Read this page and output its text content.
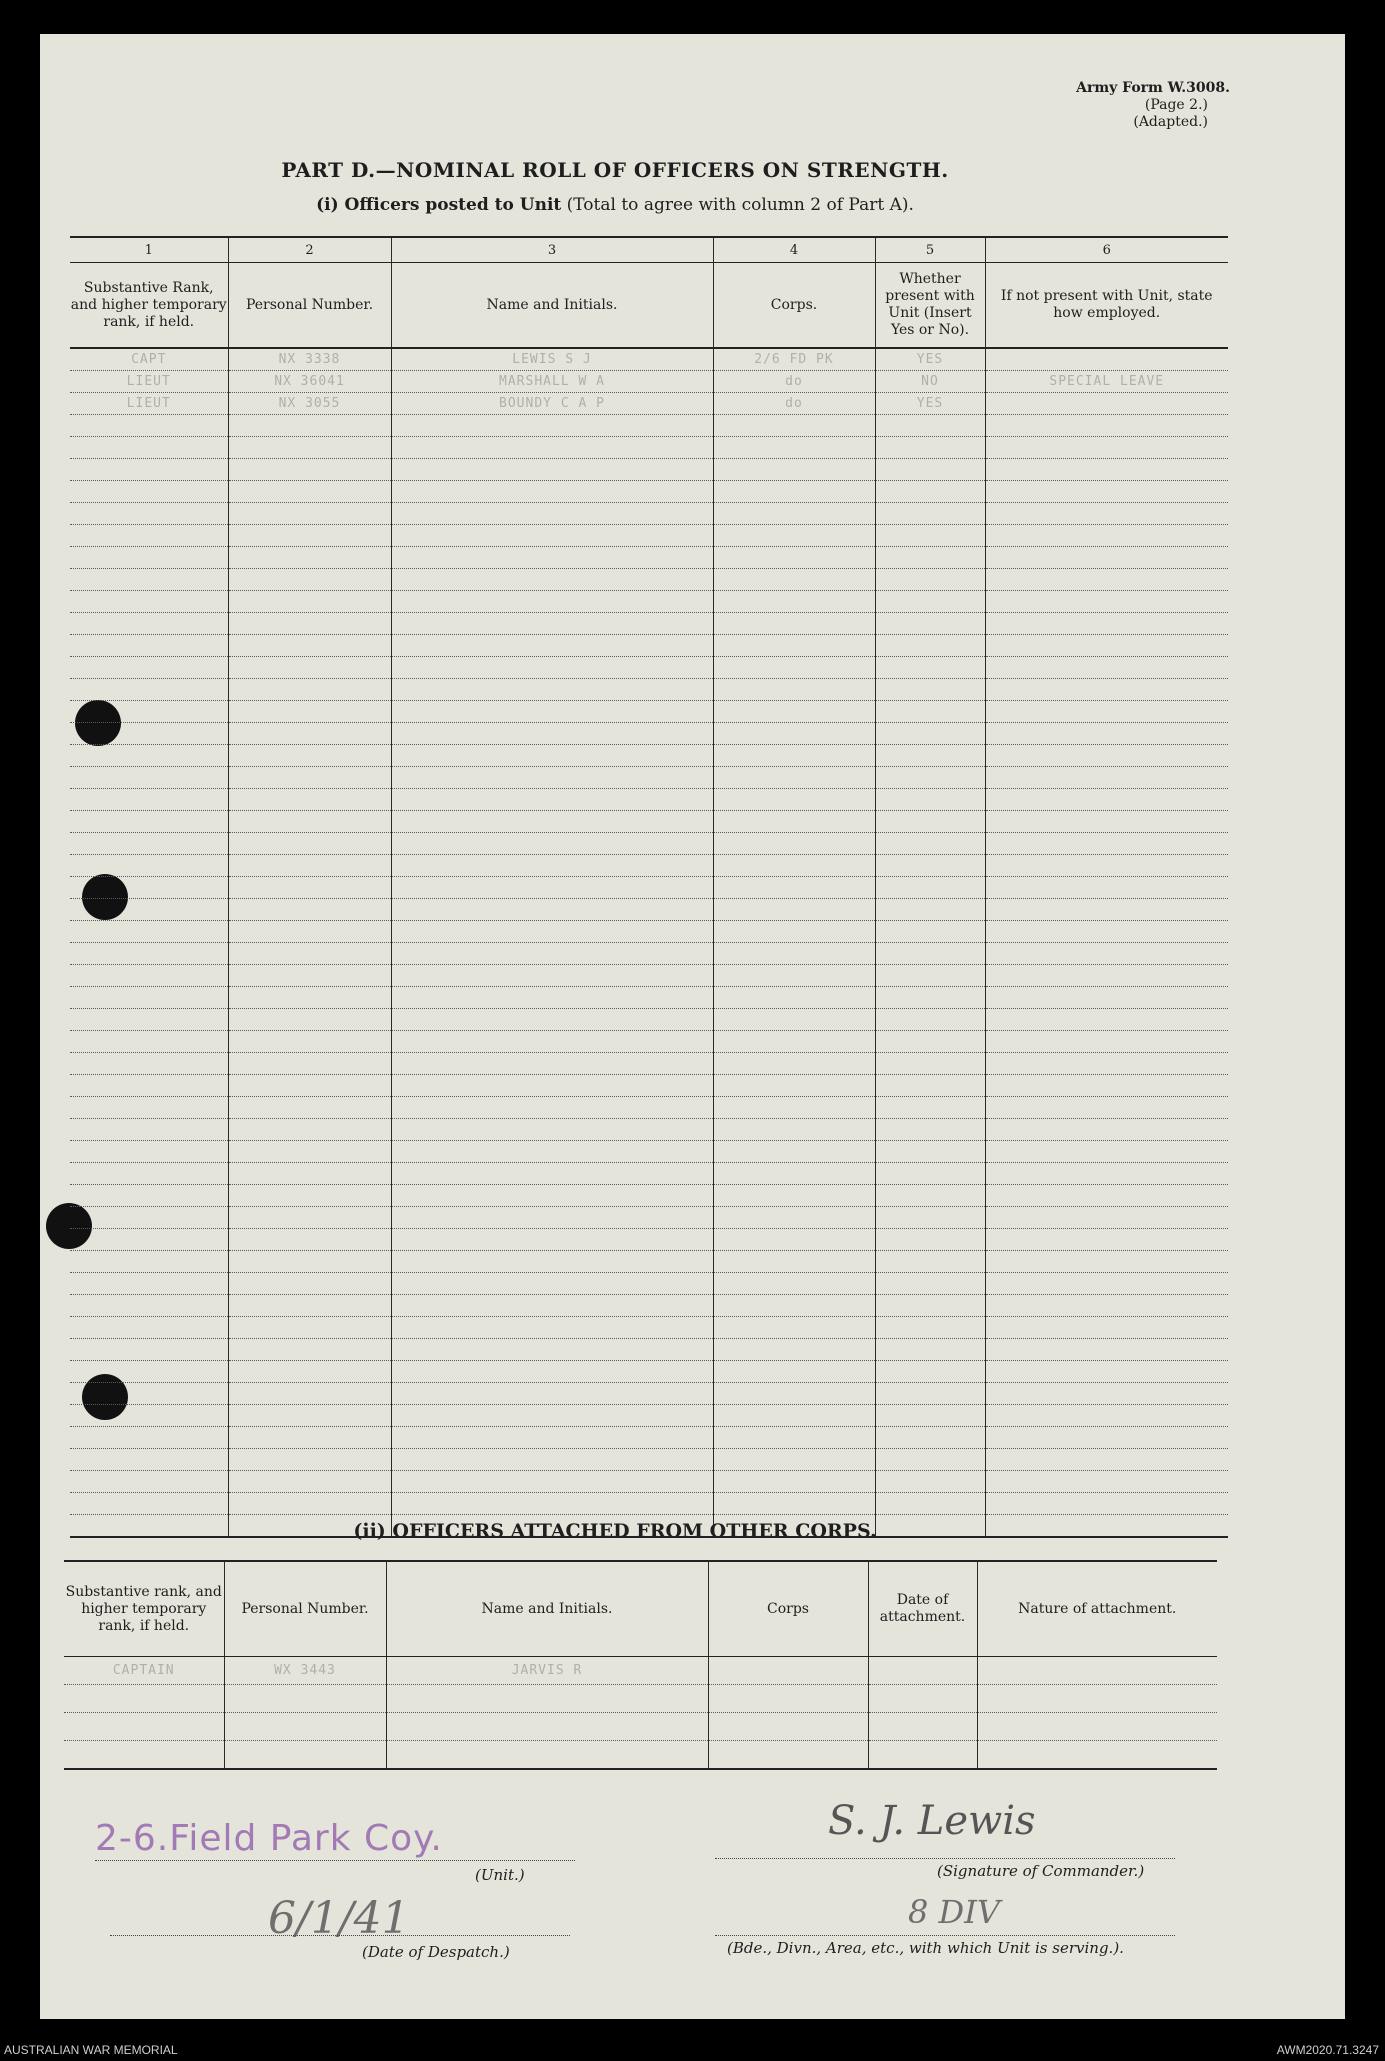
Army Form W.3008.
(Page 2.)
(Adapted.)
PART D.—NOMINAL ROLL OF OFFICERS ON STRENGTH.
(i) Officers posted to Unit (Total to agree with column 2 of Part A).
1	2	3	4	5	6
Substantive Rank, and higher temporary rank, if held.	Personal Number.	Name and Initials.	Corps.	Whether present with Unit (Insert Yes or No).	If not present with Unit, state how employed.
CAPT	NX 3338	LEWIS S J	2/6 FD PK	YES	
LIEUT	NX 36041	MARSHALL W A	do	NO	SPECIAL LEAVE
LIEUT	NX 3055	BOUNDY C A P	do	YES	

(ii) OFFICERS ATTACHED FROM OTHER CORPS.
Substantive rank, and higher temporary rank, if held.	Personal Number.	Name and Initials.	Corps	Date of attachment.	Nature of attachment.
CAPTAIN	WX 3443	JARVIS R			

2-6.Field Park Coy.
(Unit.)
S. J. Lewis
(Signature of Commander.)
6/1/41
(Date of Despatch.)
8 DIV
(Bde., Divn., Area, etc., with which Unit is serving.).
AUSTRALIAN WAR MEMORIAL	AWM2020.71.3247
